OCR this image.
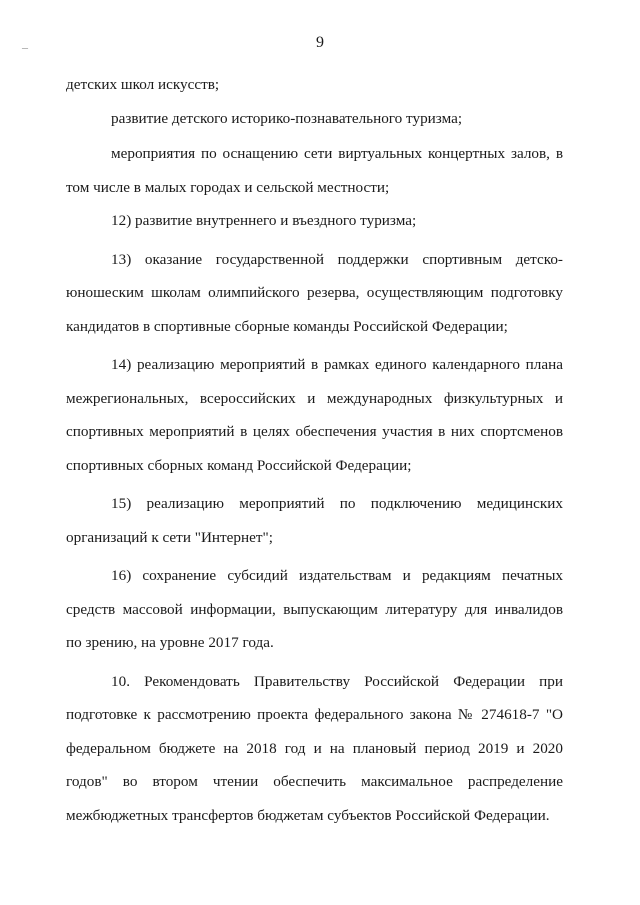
–	9

детских школ искусств;

развитие детского историко-познавательного туризма;

мероприятия по оснащению сети виртуальных концертных залов, в
том числе в малых городах и сельской местности;

12) развитие внутреннего и въездного туризма;

13) оказание государственной поддержки спортивным детско-
юношеским школам олимпийского резерва, осуществляющим подготовку
кандидатов в спортивные сборные команды Российской Федерации;

14) реализацию мероприятий в рамках единого календарного плана
межрегиональных, всероссийских и международных физкультурных и
спортивных мероприятий в целях обеспечения участия в них спортсменов
спортивных сборных команд Российской Федерации;

15) реализацию мероприятий по подключению медицинских
организаций к сети "Интернет";

16) сохранение субсидий издательствам и редакциям печатных
средств массовой информации, выпускающим литературу для инвалидов
по зрению, на уровне 2017 года.

10. Рекомендовать Правительству Российской Федерации при
подготовке к рассмотрению проекта федерального закона № 274618-7 "О
федеральном бюджете на 2018 год и на плановый период 2019 и 2020
годов" во втором чтении обеспечить максимальное распределение
межбюджетных трансфертов бюджетам субъектов Российской Федерации.
